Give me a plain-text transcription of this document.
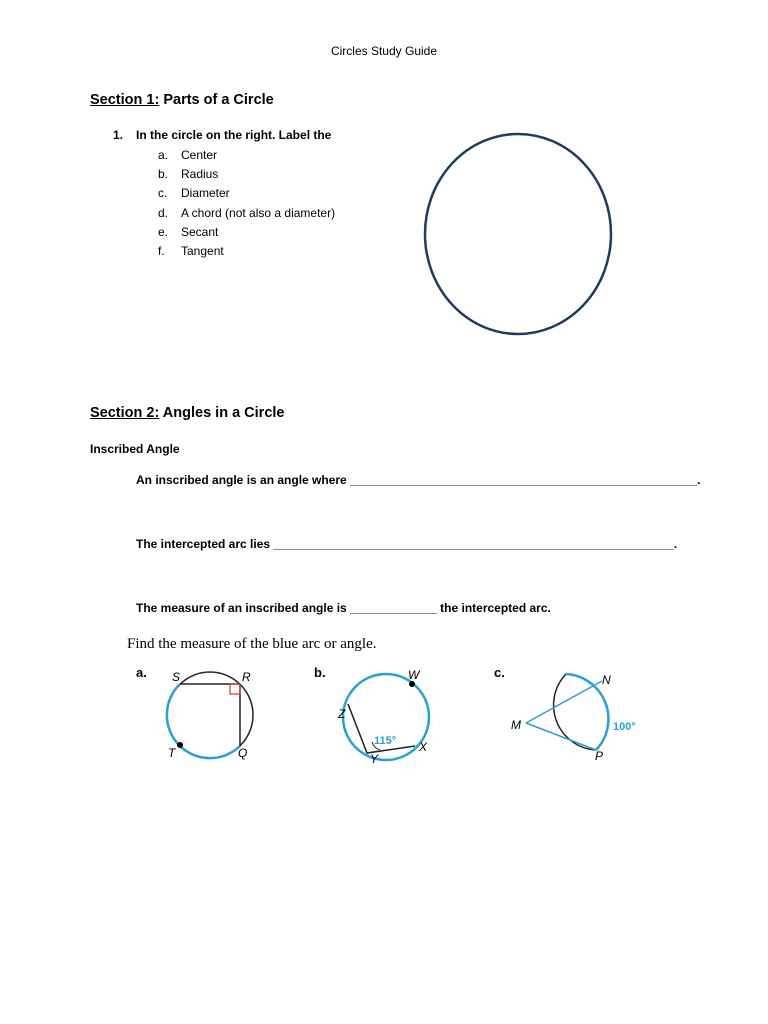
Circles Study Guide
Section 1: Parts of a Circle
1. In the circle on the right. Label the
a. Center
b. Radius
c. Diameter
d. A chord (not also a diameter)
e. Secant
f. Tangent
Section 2: Angles in a Circle
Inscribed Angle
An inscribed angle is an angle where ____________________________________________________.
The intercepted arc lies ____________________________________________________________.
The measure of an inscribed angle is _____________ the intercepted arc.
Find the measure of the blue arc or angle.
a. S	R
T	Q
b.	W
Z
Y
X
115°
c.	N
M
P
100°
